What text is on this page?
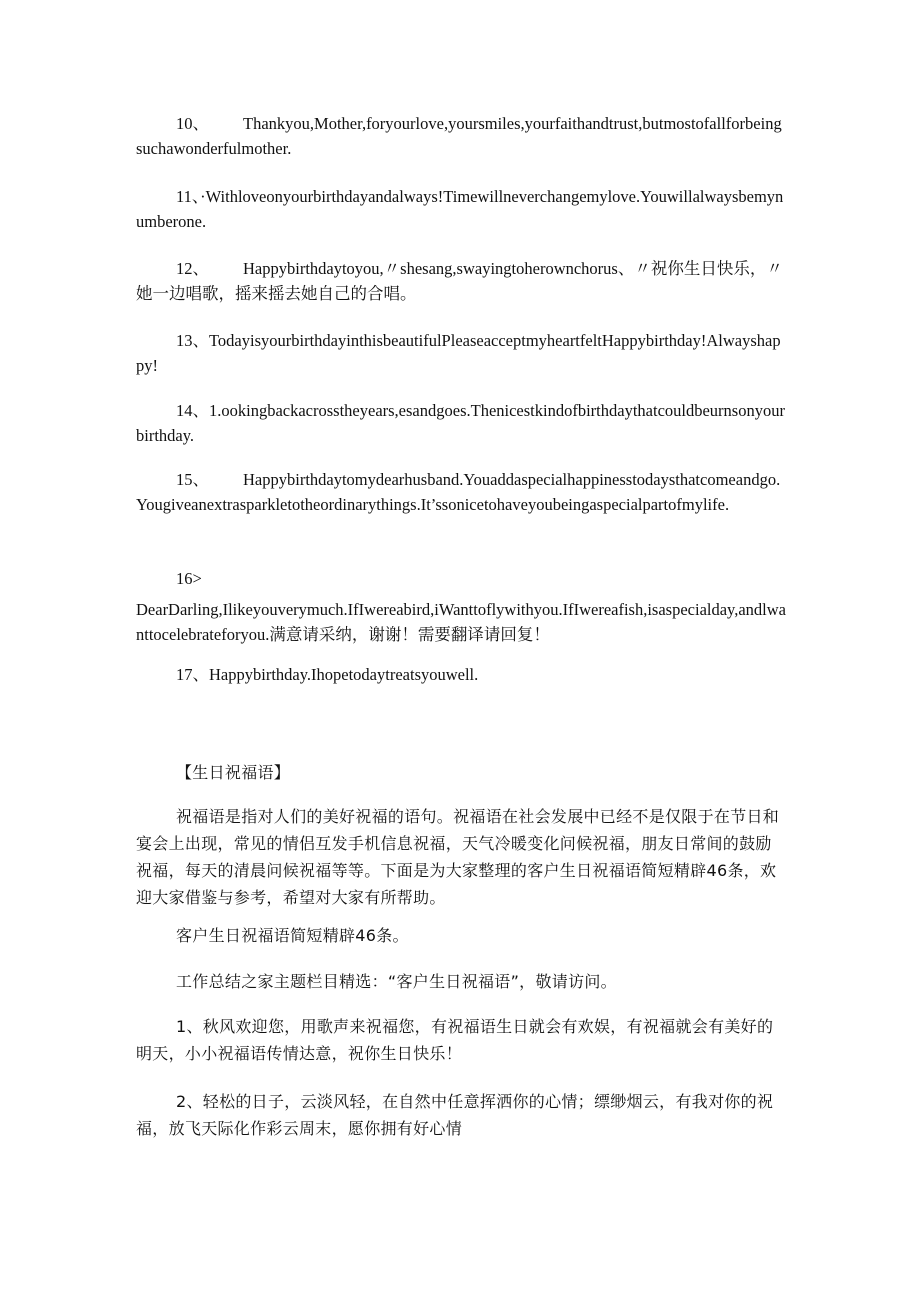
10、 Thankyou,Mother,foryourlove,yoursmiles,yourfaithandtrust,butmostofallforbeingsuchawonderfulmother.

11、·Withloveonyourbirthdayandalways!Timewillneverchangemylove.Youwillalwaysbemynumberone.

12、 Happybirthdaytoyou,〃shesang,swayingtoherownchorus、〃祝你生日快乐，〃她一边唱歌，摇来摇去她自己的合唱。

13、TodayisyourbirthdayinthisbeautifulPleaseacceptmyheartfeltHappybirthday!Alwayshappy!

14、1.ookingbackacrosstheyears,esandgoes.Thenicestkindofbirthdaythatcouldbeurnsonyourbirthday.

15、 Happybirthdaytomydearhusband.Youaddaspecialhappinesstodaysthatcomeandgo.Yougiveanextrasparkletotheordinarythings.It’ssonicetohaveyoubeingaspecialpartofmylife.

16>
DearDarling,Ilikeyouverymuch.IfIwereabird,iWanttoflywithyou.IfIwereafish,isaspecialday,andlwanttocelebrateforyou.满意请采纳，谢谢！需要翻译请回复！

17、Happybirthday.Ihopetodaytreatsyouwell.

【生日祝福语】

祝福语是指对人们的美好祝福的语句。祝福语在社会发展中已经不是仅限于在节日和宴会上出现，常见的情侣互发手机信息祝福，天气冷暖变化问候祝福，朋友日常间的鼓励祝福，每天的清晨问候祝福等等。下面是为大家整理的客户生日祝福语简短精辟46条，欢迎大家借鉴与参考，希望对大家有所帮助。

客户生日祝福语简短精辟46条。

工作总结之家主题栏目精选：“客户生日祝福语”，敬请访问。

1、秋风欢迎您，用歌声来祝福您，有祝福语生日就会有欢娱，有祝福就会有美好的明天，小小祝福语传情达意，祝你生日快乐！

2、轻松的日子，云淡风轻，在自然中任意挥洒你的心情；缥缈烟云，有我对你的祝福，放飞天际化作彩云周末，愿你拥有好心情
